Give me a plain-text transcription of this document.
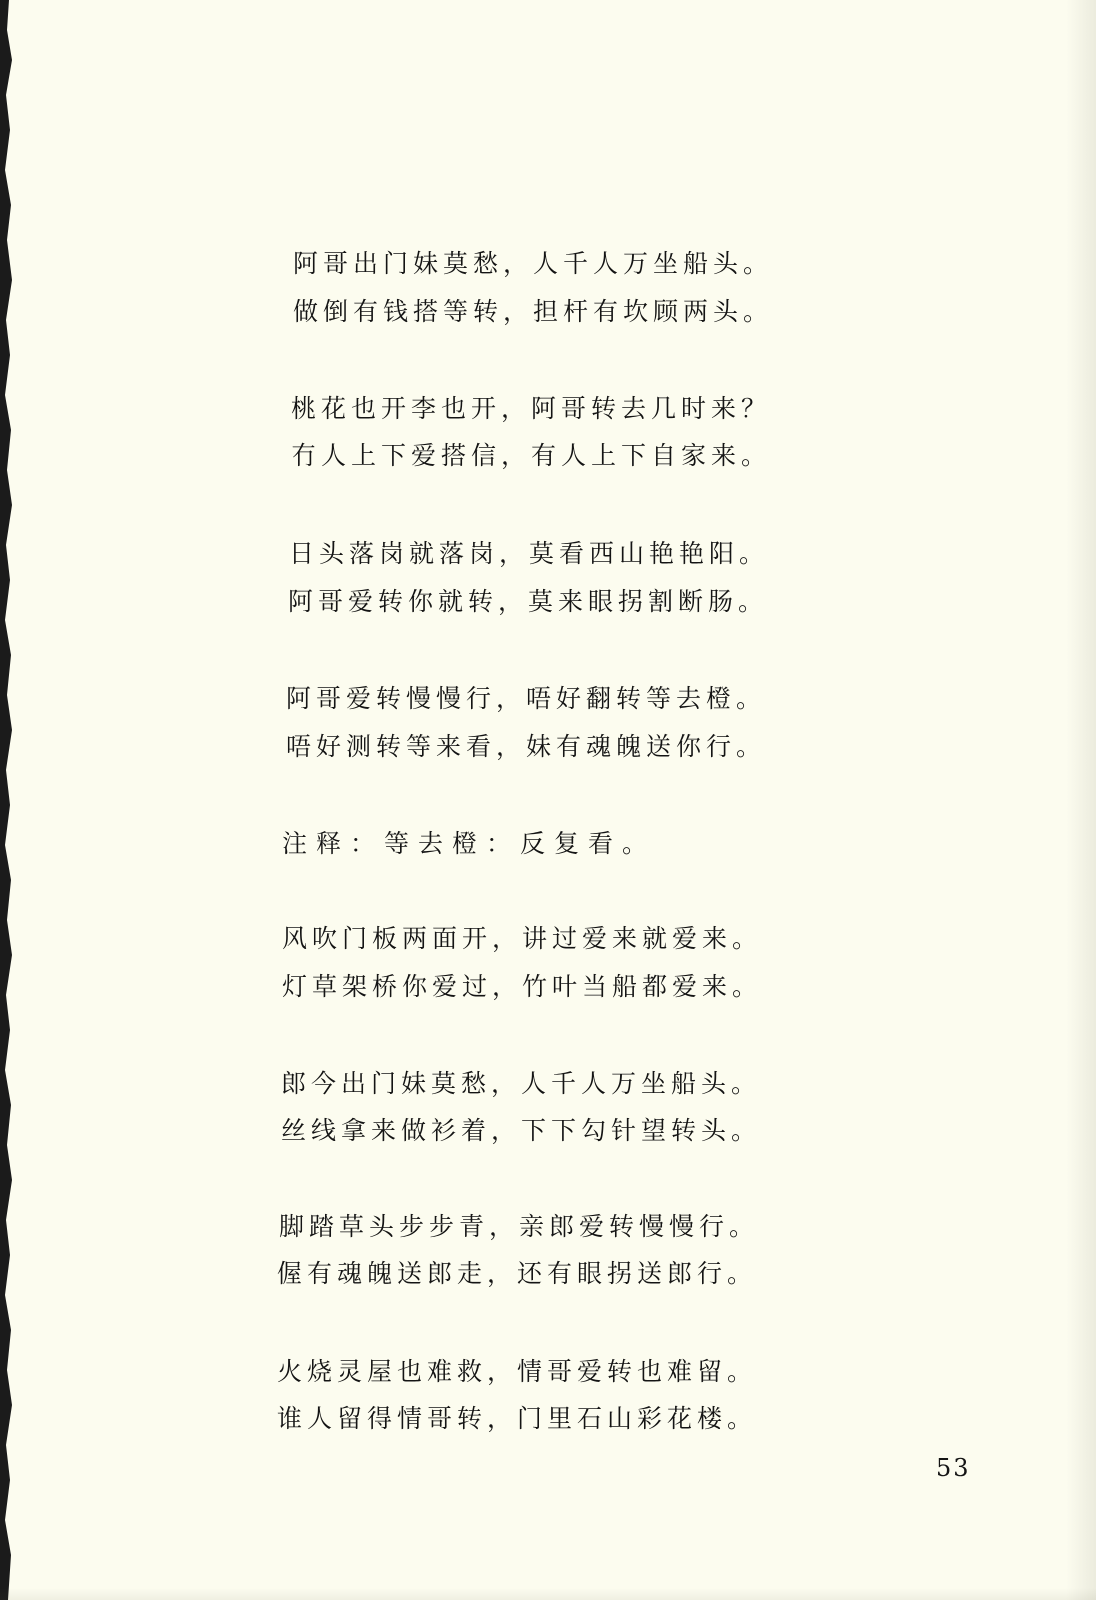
阿哥出门妹莫愁，人千人万坐船头。
做倒有钱搭等转，担杆有坎顾两头。
桃花也开李也开，阿哥转去几时来？
冇人上下爱搭信，有人上下自家来。
日头落岗就落岗，莫看西山艳艳阳。
阿哥爱转你就转，莫来眼拐割断肠。
阿哥爱转慢慢行，唔好翻转等去橙。
唔好测转等来看，妹有魂魄送你行。
注释：等去橙：反复看。
风吹门板两面开，讲过爱来就爱来。
灯草架桥你爱过，竹叶当船都爱来。
郎今出门妹莫愁，人千人万坐船头。
丝线拿来做衫着，下下勾针望转头。
脚踏草头步步青，亲郎爱转慢慢行。
偓有魂魄送郎走，还有眼拐送郎行。
火烧灵屋也难救，情哥爱转也难留。
谁人留得情哥转，门里石山彩花楼。
53
